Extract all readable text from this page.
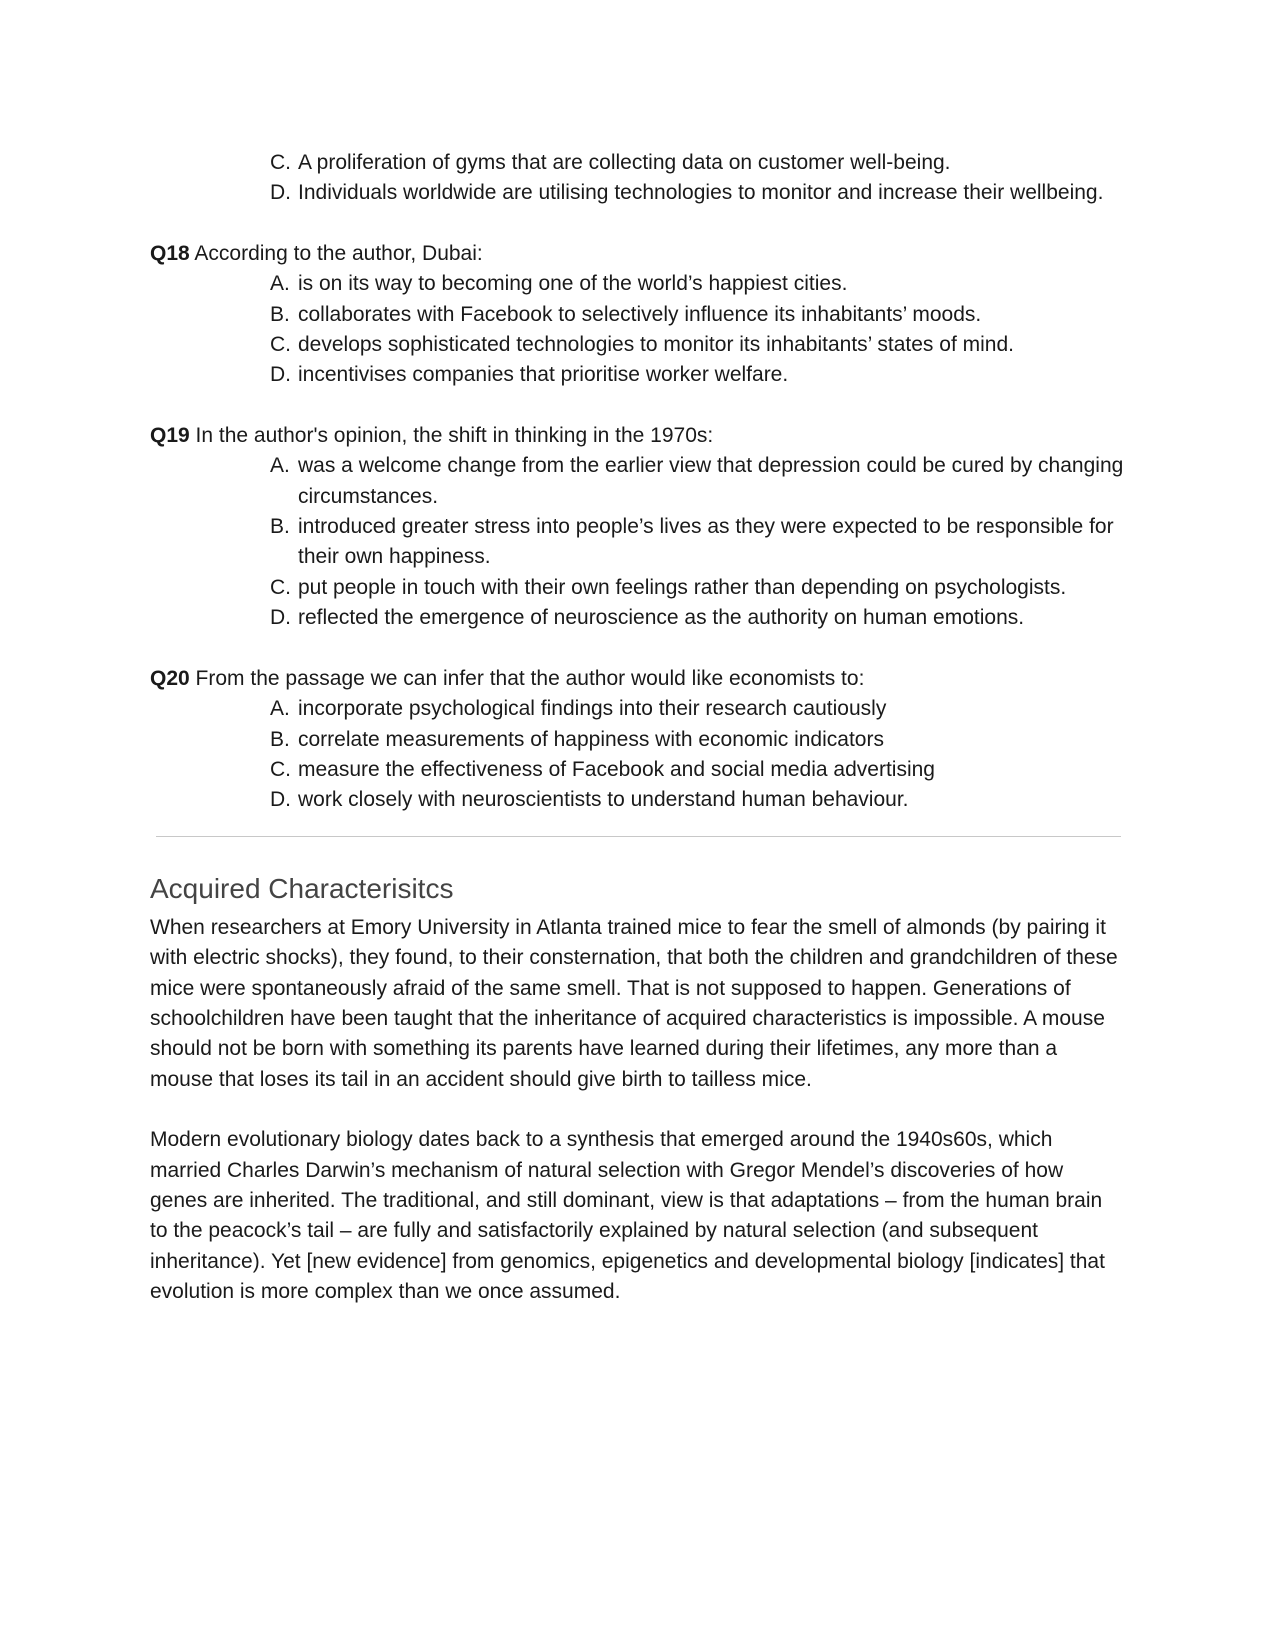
C. A proliferation of gyms that are collecting data on customer well-being.
D. Individuals worldwide are utilising technologies to monitor and increase their wellbeing.
Q18 According to the author, Dubai:
A. is on its way to becoming one of the world’s happiest cities.
B. collaborates with Facebook to selectively influence its inhabitants’ moods.
C. develops sophisticated technologies to monitor its inhabitants’ states of mind.
D. incentivises companies that prioritise worker welfare.
Q19 In the author's opinion, the shift in thinking in the 1970s:
A. was a welcome change from the earlier view that depression could be cured by changing circumstances.
B. introduced greater stress into people’s lives as they were expected to be responsible for their own happiness.
C. put people in touch with their own feelings rather than depending on psychologists.
D. reflected the emergence of neuroscience as the authority on human emotions.
Q20 From the passage we can infer that the author would like economists to:
A. incorporate psychological findings into their research cautiously
B. correlate measurements of happiness with economic indicators
C. measure the effectiveness of Facebook and social media advertising
D. work closely with neuroscientists to understand human behaviour.
Acquired Characterisitcs

When researchers at Emory University in Atlanta trained mice to fear the smell of almonds (by pairing it with electric shocks), they found, to their consternation, that both the children and grandchildren of these mice were spontaneously afraid of the same smell. That is not supposed to happen. Generations of schoolchildren have been taught that the inheritance of acquired characteristics is impossible. A mouse should not be born with something its parents have learned during their lifetimes, any more than a mouse that loses its tail in an accident should give birth to tailless mice.

Modern evolutionary biology dates back to a synthesis that emerged around the 1940s60s, which married Charles Darwin’s mechanism of natural selection with Gregor Mendel’s discoveries of how genes are inherited. The traditional, and still dominant, view is that adaptations – from the human brain to the peacock’s tail – are fully and satisfactorily explained by natural selection (and subsequent inheritance). Yet [new evidence] from genomics, epigenetics and developmental biology [indicates] that evolution is more complex than we once assumed.
